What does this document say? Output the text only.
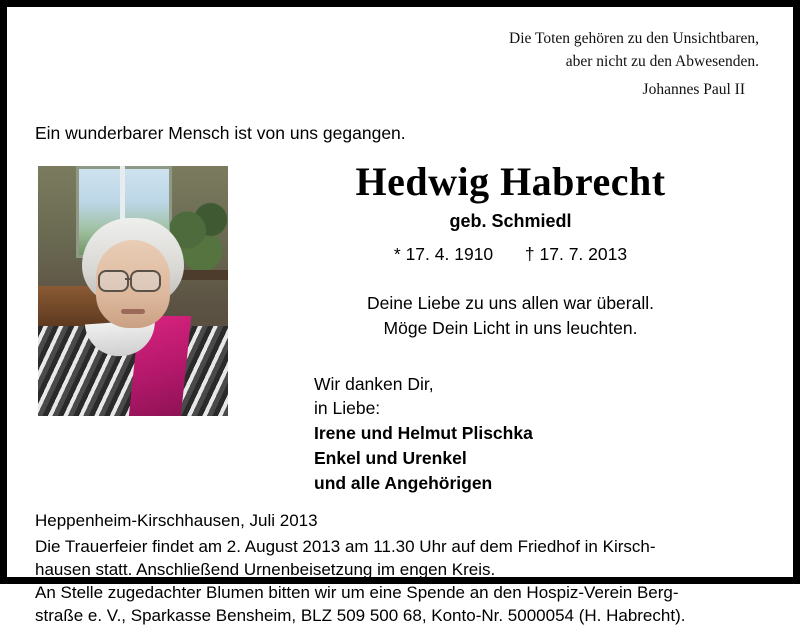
Die Toten gehören zu den Unsichtbaren,
aber nicht zu den Abwesenden.
Johannes Paul II
Ein wunderbarer Mensch ist von uns gegangen.
Hedwig Habrecht
geb. Schmiedl
* 17. 4. 1910 † 17. 7. 2013
Deine Liebe zu uns allen war überall.
Möge Dein Licht in uns leuchten.
Wir danken Dir,
in Liebe:
Irene und Helmut Plischka
Enkel und Urenkel
und alle Angehörigen

Heppenheim-Kirschhausen, Juli 2013

Die Trauerfeier findet am 2. August 2013 am 11.30 Uhr auf dem Friedhof in Kirsch-

hausen statt. Anschließend Urnenbeisetzung im engen Kreis.

An Stelle zugedachter Blumen bitten wir um eine Spende an den Hospiz-Verein Berg-

straße e. V., Sparkasse Bensheim, BLZ 509 500 68, Konto-Nr. 5000054 (H. Habrecht).
